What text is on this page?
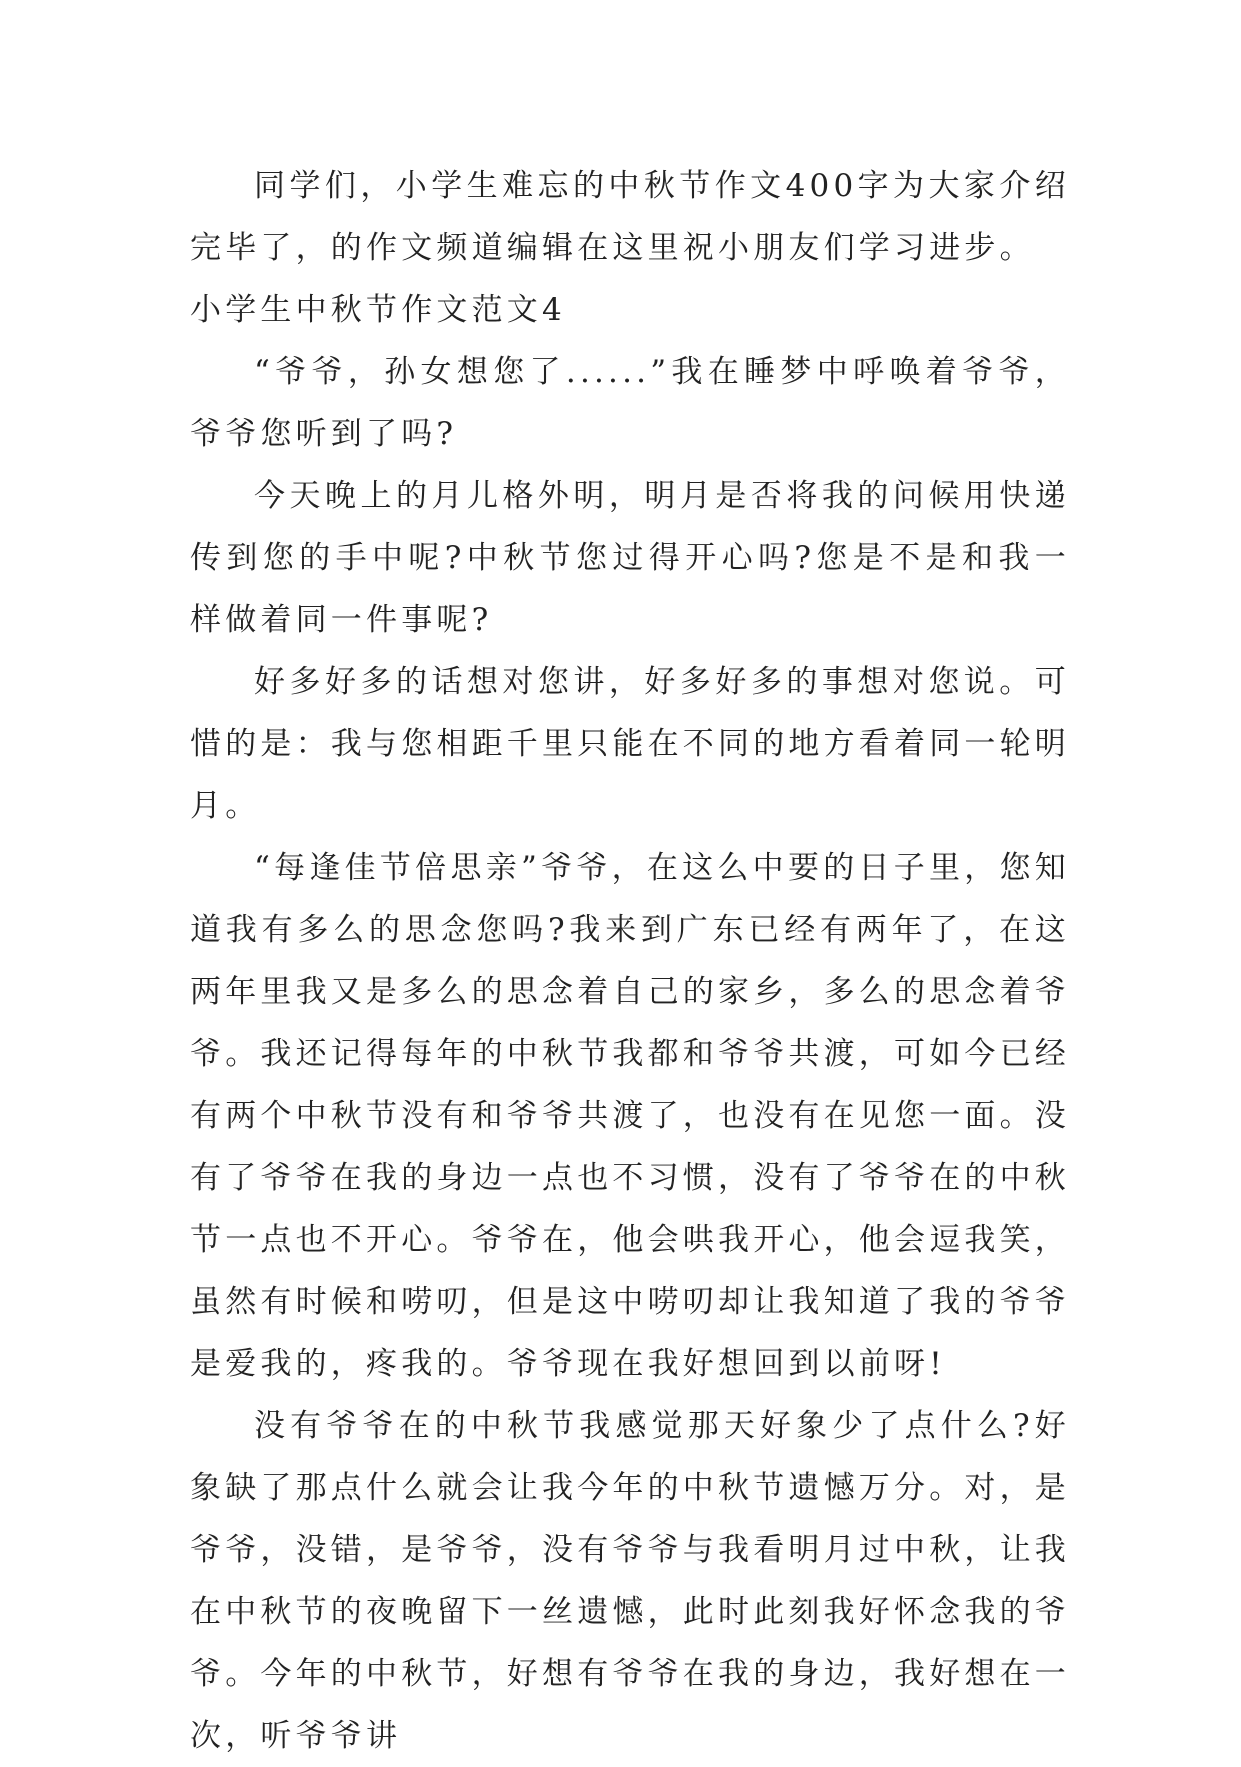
同学们，小学生难忘的中秋节作文400字为大家介绍完毕了，的作文频道编辑在这里祝小朋友们学习进步。

小学生中秋节作文范文4

“爷爷，孙女想您了......”我在睡梦中呼唤着爷爷，爷爷您听到了吗?

今天晚上的月儿格外明，明月是否将我的问候用快递传到您的手中呢?中秋节您过得开心吗?您是不是和我一样做着同一件事呢?

好多好多的话想对您讲，好多好多的事想对您说。可惜的是：我与您相距千里只能在不同的地方看着同一轮明月。

“每逢佳节倍思亲”爷爷，在这么中要的日子里，您知道我有多么的思念您吗?我来到广东已经有两年了，在这两年里我又是多么的思念着自己的家乡，多么的思念着爷爷。我还记得每年的中秋节我都和爷爷共渡，可如今已经有两个中秋节没有和爷爷共渡了，也没有在见您一面。没有了爷爷在我的身边一点也不习惯，没有了爷爷在的中秋节一点也不开心。爷爷在，他会哄我开心，他会逗我笑，虽然有时候和唠叨，但是这中唠叨却让我知道了我的爷爷是爱我的，疼我的。爷爷现在我好想回到以前呀!

没有爷爷在的中秋节我感觉那天好象少了点什么?好象缺了那点什么就会让我今年的中秋节遗憾万分。对，是爷爷，没错，是爷爷，没有爷爷与我看明月过中秋，让我在中秋节的夜晚留下一丝遗憾，此时此刻我好怀念我的爷爷。今年的中秋节，好想有爷爷在我的身边，我好想在一次，听爷爷讲
